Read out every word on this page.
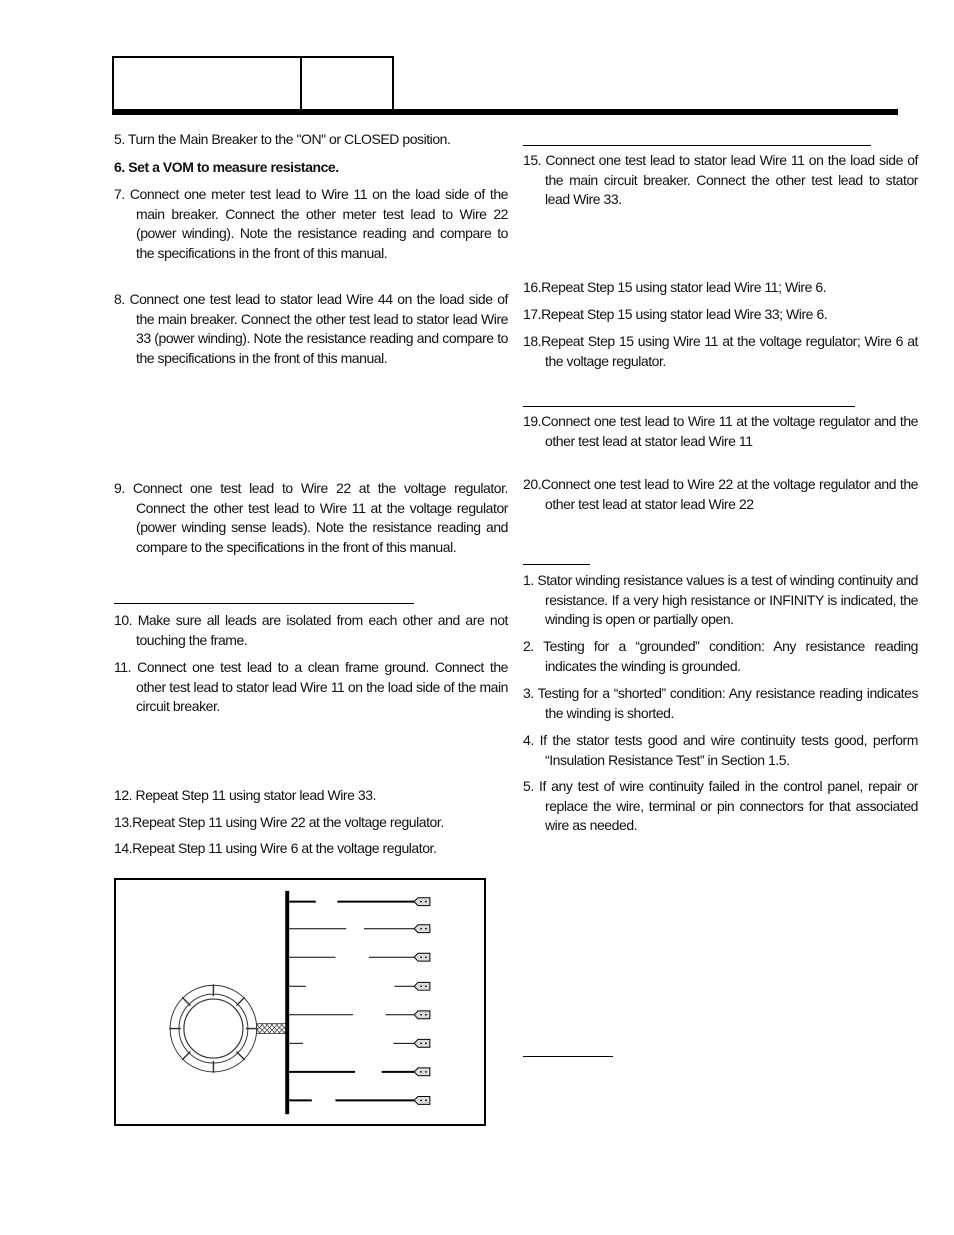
5. Turn the Main Breaker to the "ON" or CLOSED position.
6. Set a VOM to measure resistance.
7. Connect one meter test lead to Wire 11 on the load side of the main breaker. Connect the other meter test lead to Wire 22 (power winding). Note the resistance reading and compare to the specifications in the front of this manual.
8. Connect one test lead to stator lead Wire 44 on the load side of the main breaker. Connect the other test lead to stator lead Wire 33 (power winding). Note the resistance reading and compare to the specifications in the front of this manual.
9. Connect one test lead to Wire 22 at the voltage regulator. Connect the other test lead to Wire 11 at the voltage regulator (power winding sense leads). Note the resistance reading and compare to the specifications in the front of this manual.
10. Make sure all leads are isolated from each other and are not touching the frame.
11. Connect one test lead to a clean frame ground. Connect the other test lead to stator lead Wire 11 on the load side of the main circuit breaker.
12. Repeat Step 11 using stator lead Wire 33.
13.Repeat Step 11 using Wire 22 at the voltage regulator.
14.Repeat Step 11 using Wire 6 at the voltage regulator.
15. Connect one test lead to stator lead Wire 11 on the load side of the main circuit breaker. Connect the other test lead to stator lead Wire 33.
16.Repeat Step 15 using stator lead Wire 11; Wire 6.
17.Repeat Step 15 using stator lead Wire 33; Wire 6.
18.Repeat Step 15 using Wire 11 at the voltage regulator; Wire 6 at the voltage regulator.
19.Connect one test lead to Wire 11 at the voltage regulator and the other test lead at stator lead Wire 11
20.Connect one test lead to Wire 22 at the voltage regulator and the other test lead at stator lead Wire 22
1. Stator winding resistance values is a test of winding continuity and resistance. If a very high resistance or INFINITY is indicated, the winding is open or partially open.
2. Testing for a “grounded” condition: Any resistance reading indicates the winding is grounded.
3. Testing for a “shorted” condition: Any resistance reading indicates the winding is shorted.
4. If the stator tests good and wire continuity tests good, perform “Insulation Resistance Test” in Section 1.5.
5. If any test of wire continuity failed in the control panel, repair or replace the wire, terminal or pin connectors for that associated wire as needed.
